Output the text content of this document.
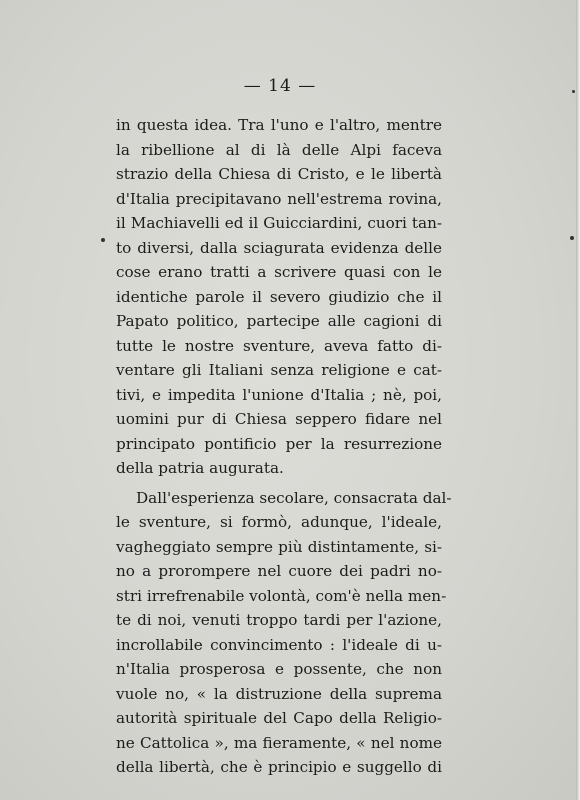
— 14 —
in questa idea. Tra l'uno e l'altro, mentre
la ribellione al di là delle Alpi faceva
strazio della Chiesa di Cristo, e le libertà
d'Italia precipitavano nell'estrema rovina,
il Machiavelli ed il Guicciardini, cuori tan-
to diversi, dalla sciagurata evidenza delle
cose erano tratti a scrivere quasi con le
identiche parole il severo giudizio che il
Papato politico, partecipe alle cagioni di
tutte le nostre sventure, aveva fatto di-
ventare gli Italiani senza religione e cat-
tivi, e impedita l'unione d'Italia ; nè, poi,
uomini pur di Chiesa seppero fidare nel
principato pontificio per la resurrezione
della patria augurata.
Dall'esperienza secolare, consacrata dal-
le sventure, si formò, adunque, l'ideale,
vagheggiato sempre più distintamente, si-
no a prorompere nel cuore dei padri no-
stri irrefrenabile volontà, com'è nella men-
te di noi, venuti troppo tardi per l'azione,
incrollabile convincimento : l'ideale di u-
n'Italia prosperosa e possente, che non
vuole no, « la distruzione della suprema
autorità spirituale del Capo della Religio-
ne Cattolica », ma fieramente, « nel nome
della libertà, che è principio e suggello di
